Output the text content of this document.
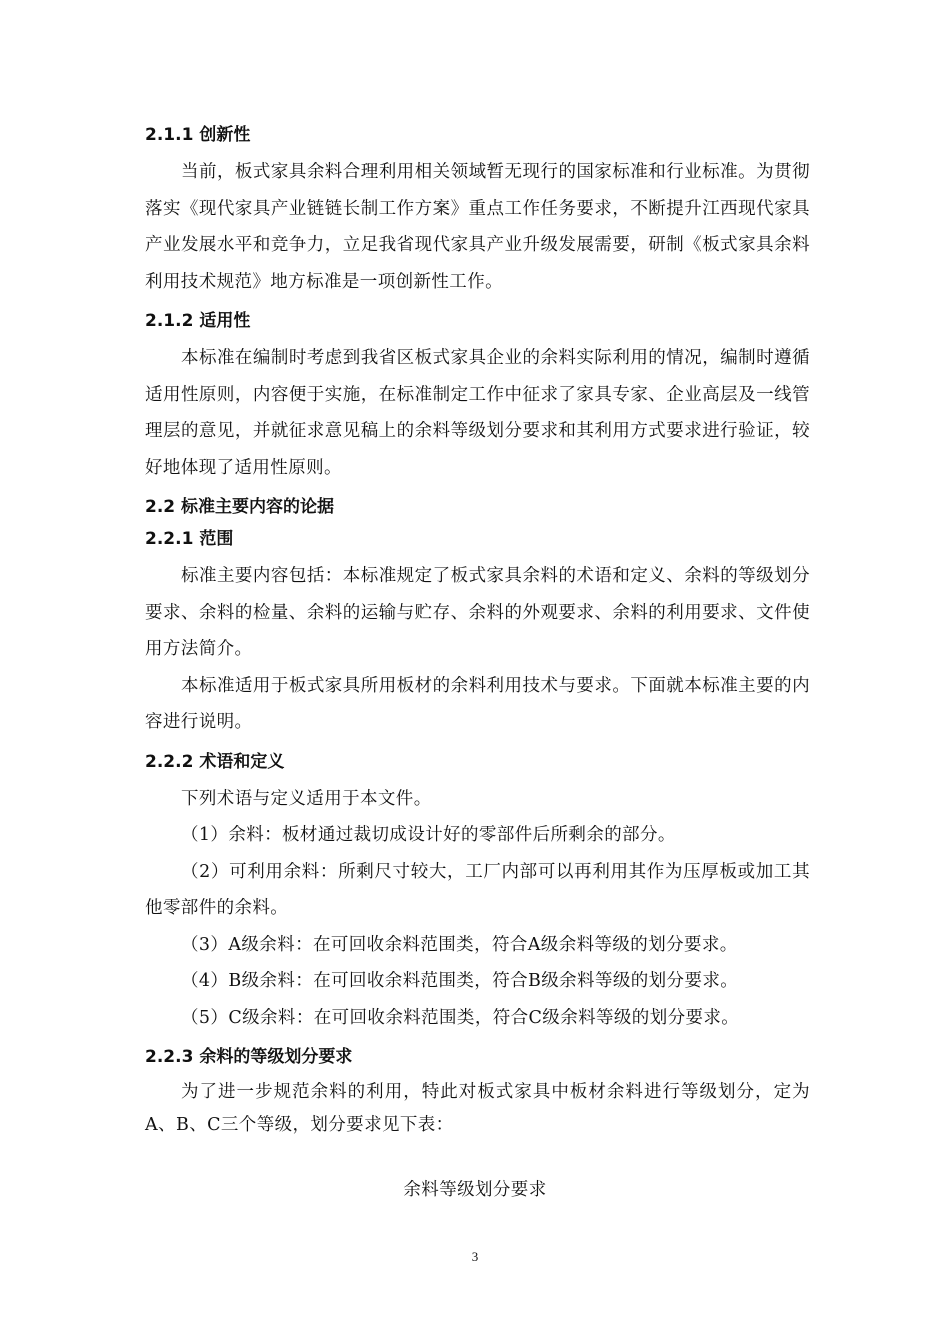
2.1.1 创新性

当前，板式家具余料合理利用相关领域暂无现行的国家标准和行业标准。为贯彻落实《现代家具产业链链长制工作方案》重点工作任务要求，不断提升江西现代家具产业发展水平和竞争力，立足我省现代家具产业升级发展需要，研制《板式家具余料利用技术规范》地方标准是一项创新性工作。

2.1.2 适用性

本标准在编制时考虑到我省区板式家具企业的余料实际利用的情况，编制时遵循适用性原则，内容便于实施，在标准制定工作中征求了家具专家、企业高层及一线管理层的意见，并就征求意见稿上的余料等级划分要求和其利用方式要求进行验证，较好地体现了适用性原则。

2.2 标准主要内容的论据
2.2.1 范围

标准主要内容包括：本标准规定了板式家具余料的术语和定义、余料的等级划分要求、余料的检量、余料的运输与贮存、余料的外观要求、余料的利用要求、文件使用方法简介。

本标准适用于板式家具所用板材的余料利用技术与要求。下面就本标准主要的内容进行说明。

2.2.2 术语和定义

下列术语与定义适用于本文件。

（1）余料：板材通过裁切成设计好的零部件后所剩余的部分。

（2）可利用余料：所剩尺寸较大，工厂内部可以再利用其作为压厚板或加工其他零部件的余料。

（3）A级余料：在可回收余料范围类，符合A级余料等级的划分要求。

（4）B级余料：在可回收余料范围类，符合B级余料等级的划分要求。

（5）C级余料：在可回收余料范围类，符合C级余料等级的划分要求。

2.2.3 余料的等级划分要求

为了进一步规范余料的利用，特此对板式家具中板材余料进行等级划分，定为A、B、C三个等级，划分要求见下表：

余料等级划分要求
3
